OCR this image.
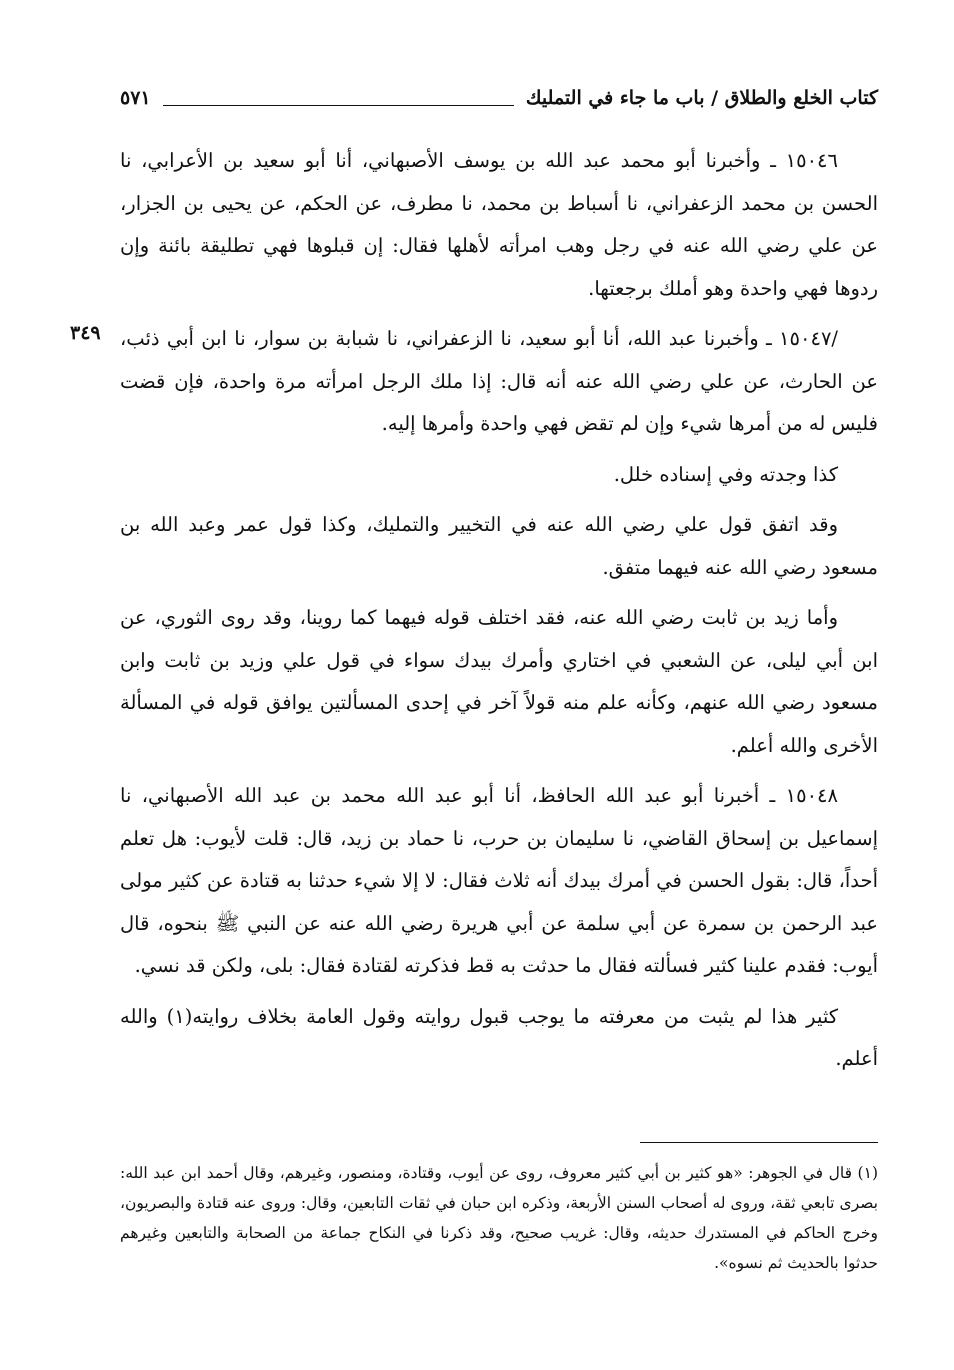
كتاب الخلع والطلاق / باب ما جاء في التمليك
٥٧١
٣٤٩

١٥٠٤٦ ـ وأخبرنا أبو محمد عبد الله بن يوسف الأصبهاني، أنا أبو سعيد بن الأعرابي، نا الحسن بن محمد الزعفراني، نا أسباط بن محمد، نا مطرف، عن الحكم، عن يحيى بن الجزار، عن علي رضي الله عنه في رجل وهب امرأته لأهلها فقال: إن قبلوها فهي تطليقة بائنة وإن ردوها فهي واحدة وهو أملك برجعتها.

/١٥٠٤٧ ـ وأخبرنا عبد الله، أنا أبو سعيد، نا الزعفراني، نا شبابة بن سوار، نا ابن أبي ذئب، عن الحارث، عن علي رضي الله عنه أنه قال: إذا ملك الرجل امرأته مرة واحدة، فإن قضت فليس له من أمرها شيء وإن لم تقض فهي واحدة وأمرها إليه.

كذا وجدته وفي إسناده خلل.

وقد اتفق قول علي رضي الله عنه في التخيير والتمليك، وكذا قول عمر وعبد الله بن مسعود رضي الله عنه فيهما متفق.

وأما زيد بن ثابت رضي الله عنه، فقد اختلف قوله فيهما كما روينا، وقد روى الثوري، عن ابن أبي ليلى، عن الشعبي في اختاري وأمرك بيدك سواء في قول علي وزيد بن ثابت وابن مسعود رضي الله عنهم، وكأنه علم منه قولاً آخر في إحدى المسألتين يوافق قوله في المسألة الأخرى والله أعلم.

١٥٠٤٨ ـ أخبرنا أبو عبد الله الحافظ، أنا أبو عبد الله محمد بن عبد الله الأصبهاني، نا إسماعيل بن إسحاق القاضي، نا سليمان بن حرب، نا حماد بن زيد، قال: قلت لأيوب: هل تعلم أحداً، قال: بقول الحسن في أمرك بيدك أنه ثلاث فقال: لا إلا شيء حدثنا به قتادة عن كثير مولى عبد الرحمن بن سمرة عن أبي سلمة عن أبي هريرة رضي الله عنه عن النبي ﷺ بنحوه، قال أيوب: فقدم علينا كثير فسألته فقال ما حدثت به قط فذكرته لقتادة فقال: بلى، ولكن قد نسي.

كثير هذا لم يثبت من معرفته ما يوجب قبول روايته وقول العامة بخلاف روايته(١) والله أعلم.

(١) قال في الجوهر: «هو كثير بن أبي كثير معروف، روى عن أيوب، وقتادة، ومنصور، وغيرهم، وقال أحمد ابن عبد الله: بصرى تابعي ثقة، وروى له أصحاب السنن الأربعة، وذكره ابن حبان في ثقات التابعين، وقال: وروى عنه قتادة والبصريون، وخرج الحاكم في المستدرك حديثه، وقال: غريب صحيح، وقد ذكرنا في النكاح جماعة من الصحابة والتابعين وغيرهم حدثوا بالحديث ثم نسوه».
